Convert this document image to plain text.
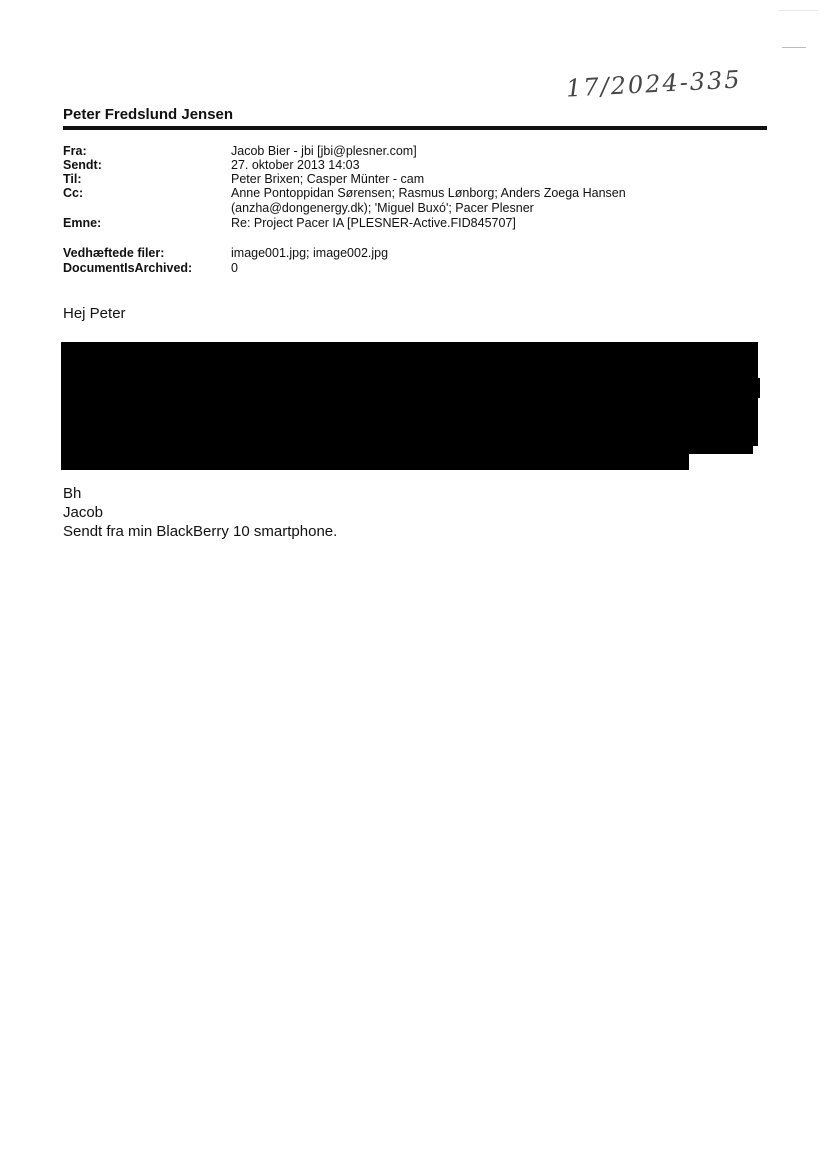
17/2024-335
Peter Fredslund Jensen
Fra:	Jacob Bier - jbi [jbi@plesner.com]
Sendt:	27. oktober 2013 14:03
Til:	Peter Brixen; Casper Münter - cam
Cc:	Anne Pontoppidan Sørensen; Rasmus Lønborg; Anders Zoega Hansen
(anzha@dongenergy.dk); 'Miguel Buxó'; Pacer Plesner
Emne:	Re: Project Pacer IA [PLESNER-Active.FID845707]
Vedhæftede filer:	image001.jpg; image002.jpg
DocumentIsArchived:	0
Hej Peter
Bh
Jacob
Sendt fra min BlackBerry 10 smartphone.
